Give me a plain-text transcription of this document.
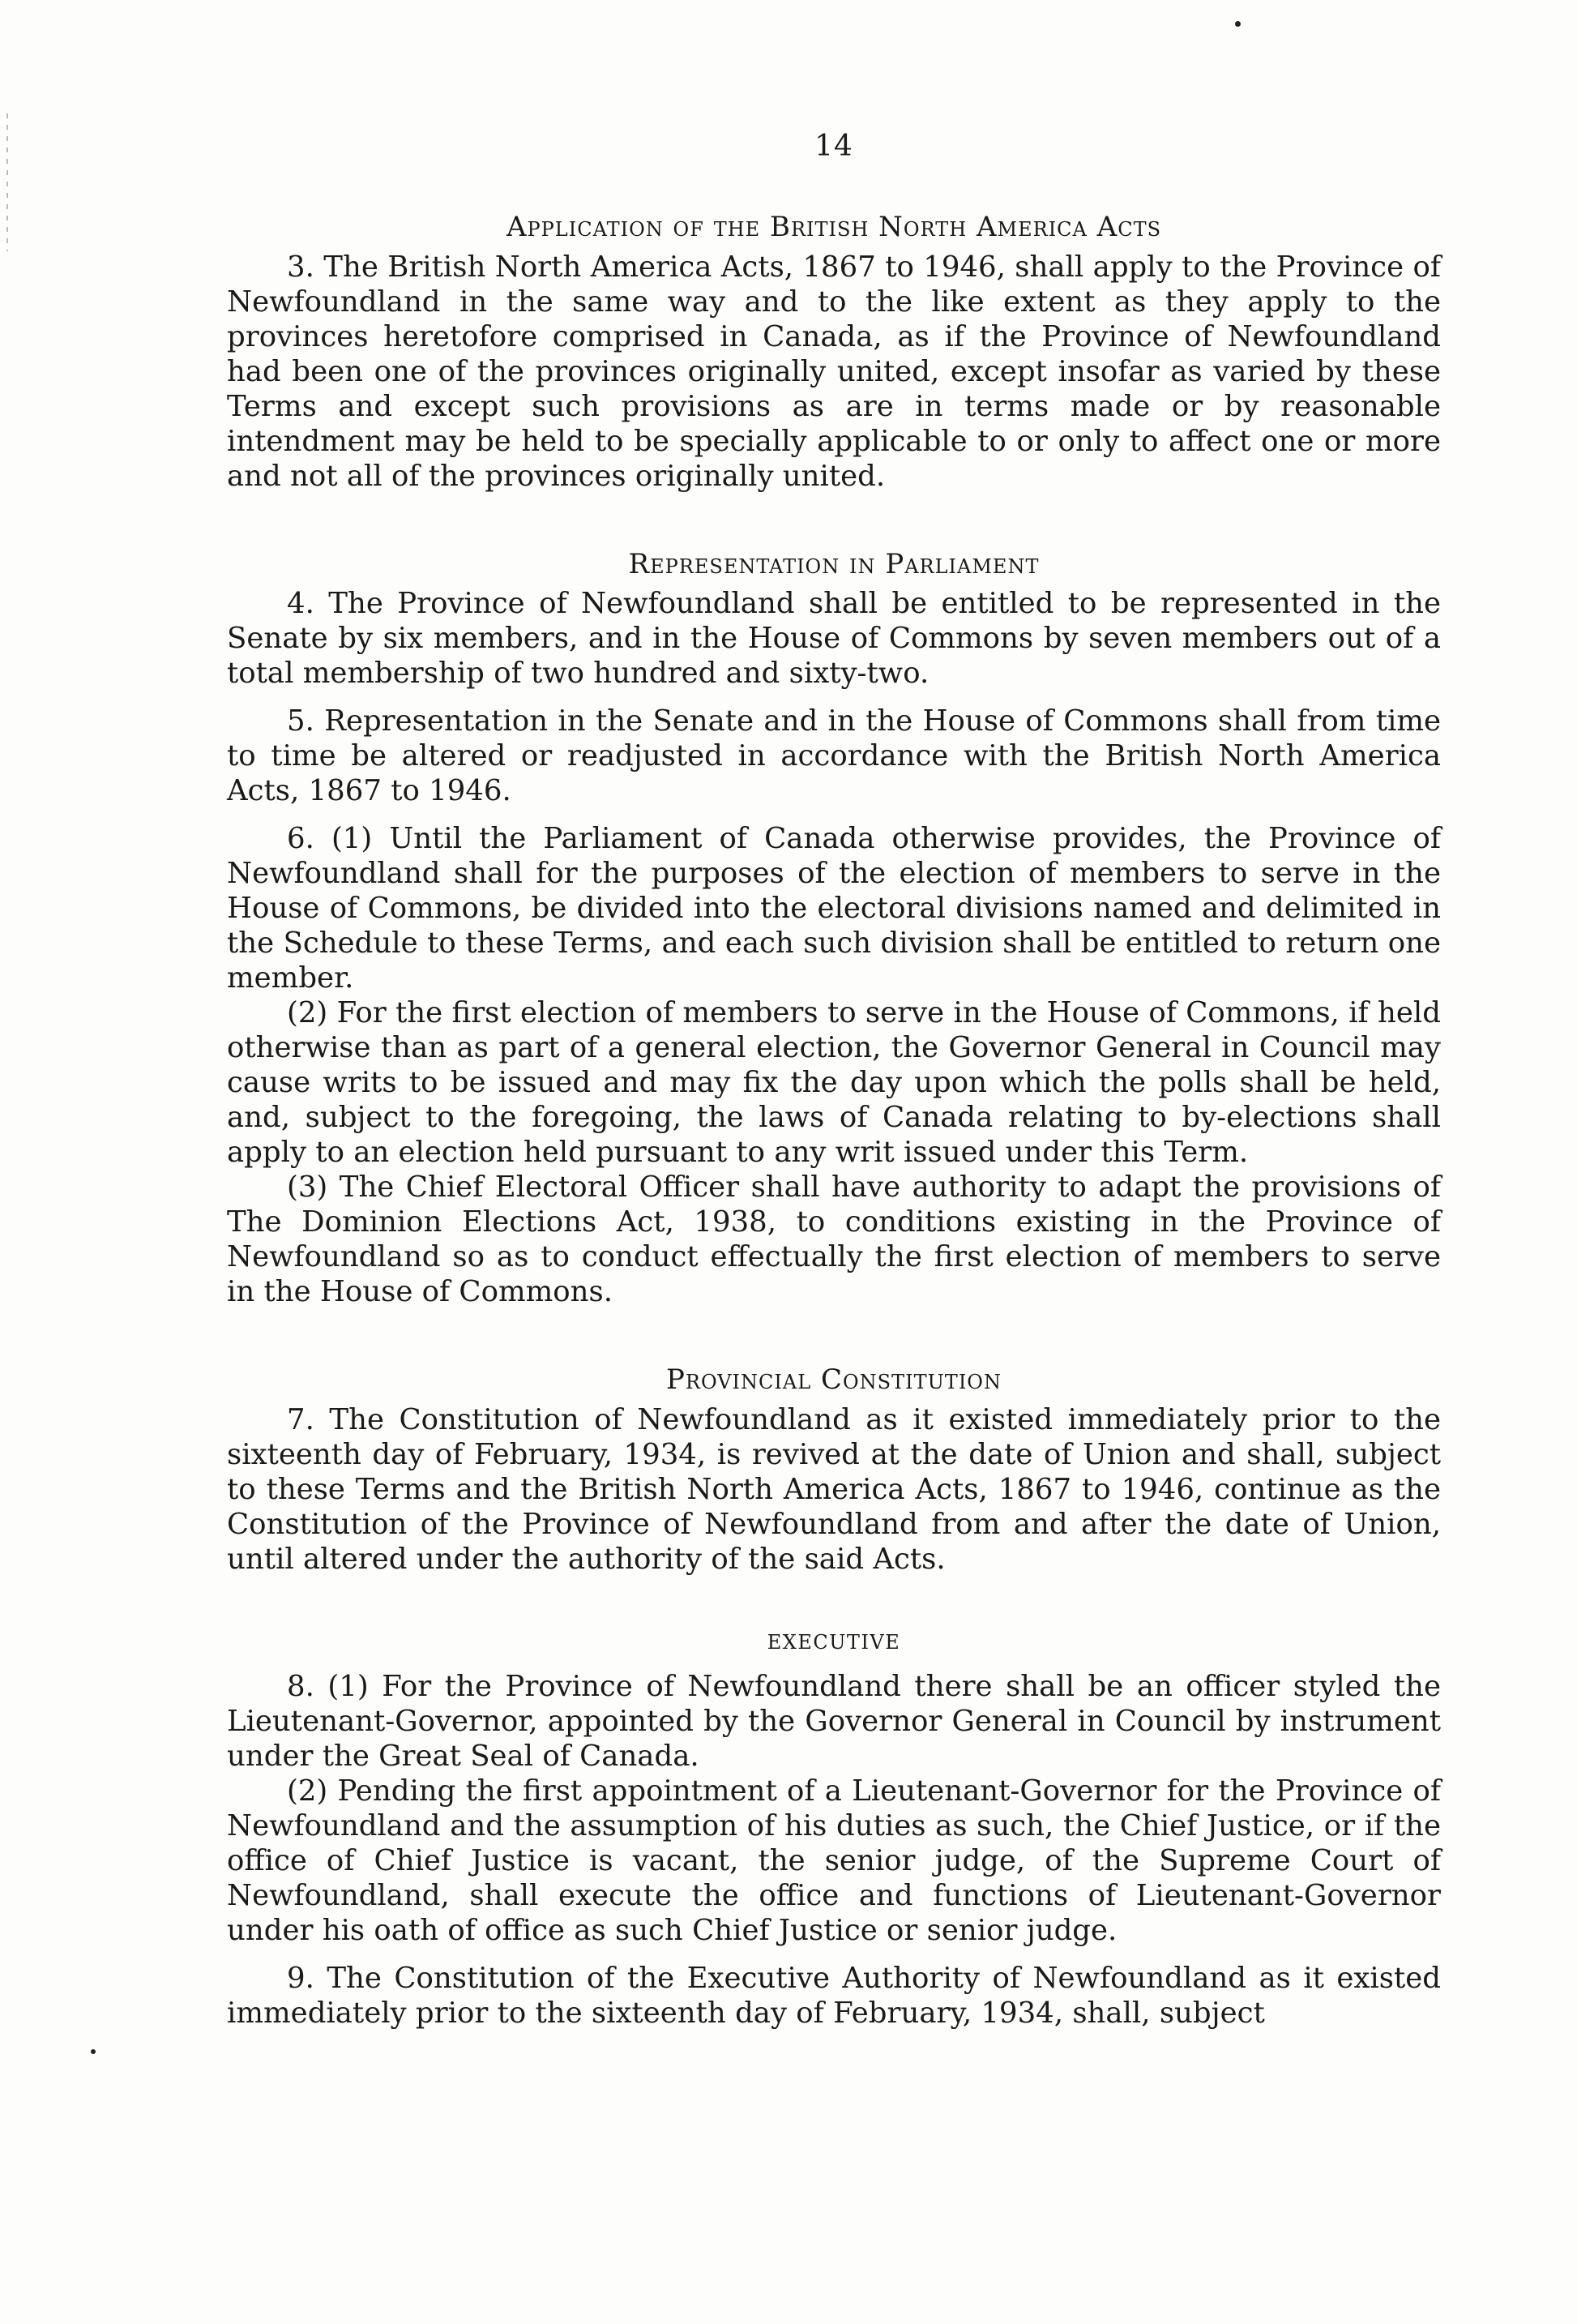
14
Application of the British North America Acts

3. The British North America Acts, 1867 to 1946, shall apply to the Province of Newfoundland in the same way and to the like extent as they apply to the provinces heretofore comprised in Canada, as if the Province of Newfoundland had been one of the provinces originally united, except insofar as varied by these Terms and except such provisions as are in terms made or by reasonable intendment may be held to be specially applicable to or only to affect one or more and not all of the provinces originally united.

Representation in Parliament

4. The Province of Newfoundland shall be entitled to be represented in the Senate by six members, and in the House of Commons by seven members out of a total membership of two hundred and sixty-two.

5. Representation in the Senate and in the House of Commons shall from time to time be altered or readjusted in accordance with the British North America Acts, 1867 to 1946.

6. (1) Until the Parliament of Canada otherwise provides, the Province of Newfoundland shall for the purposes of the election of members to serve in the House of Commons, be divided into the electoral divisions named and delimited in the Schedule to these Terms, and each such division shall be entitled to return one member.

(2) For the first election of members to serve in the House of Commons, if held otherwise than as part of a general election, the Governor General in Council may cause writs to be issued and may fix the day upon which the polls shall be held, and, subject to the foregoing, the laws of Canada relating to by-elections shall apply to an election held pursuant to any writ issued under this Term.

(3) The Chief Electoral Officer shall have authority to adapt the provisions of The Dominion Elections Act, 1938, to conditions existing in the Province of Newfoundland so as to conduct effectually the first election of members to serve in the House of Commons.

Provincial Constitution

7. The Constitution of Newfoundland as it existed immediately prior to the sixteenth day of February, 1934, is revived at the date of Union and shall, subject to these Terms and the British North America Acts, 1867 to 1946, continue as the Constitution of the Province of Newfoundland from and after the date of Union, until altered under the authority of the said Acts.

EXECUTIVE

8. (1) For the Province of Newfoundland there shall be an officer styled the Lieutenant-Governor, appointed by the Governor General in Council by instrument under the Great Seal of Canada.

(2) Pending the first appointment of a Lieutenant-Governor for the Province of Newfoundland and the assumption of his duties as such, the Chief Justice, or if the office of Chief Justice is vacant, the senior judge, of the Supreme Court of Newfoundland, shall execute the office and functions of Lieutenant-Governor under his oath of office as such Chief Justice or senior judge.

9. The Constitution of the Executive Authority of Newfoundland as it existed immediately prior to the sixteenth day of February, 1934, shall, subject
